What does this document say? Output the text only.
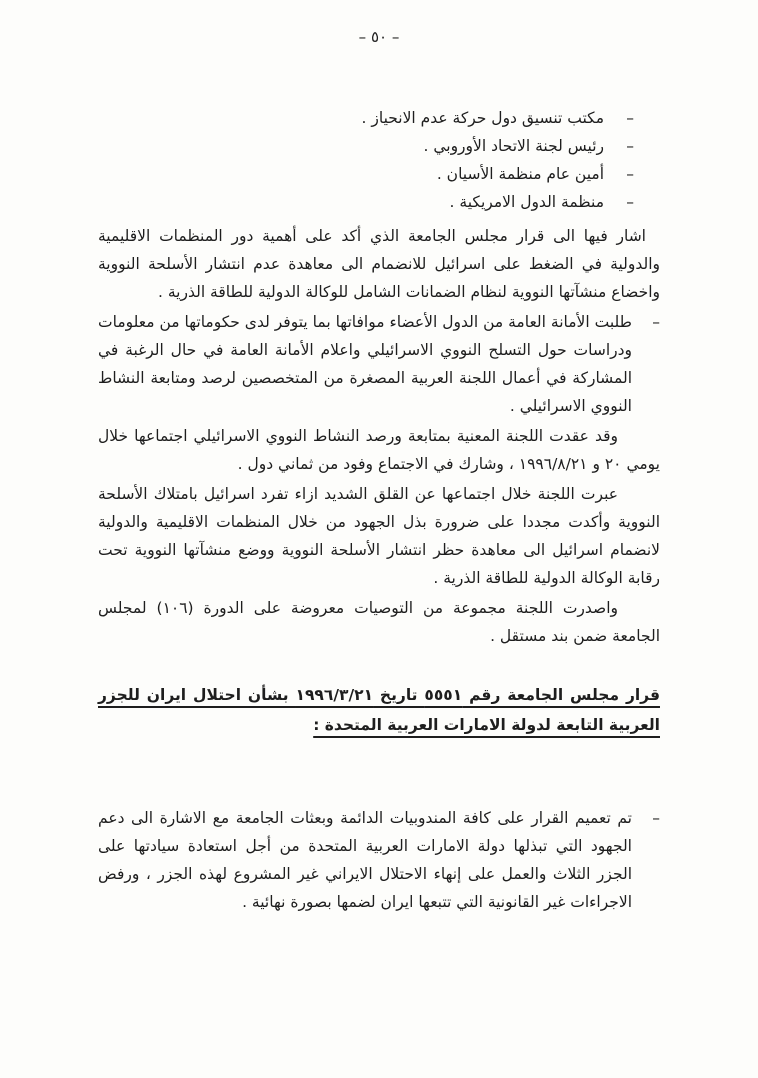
– ٥٠ –
–
مكتب تنسيق دول حركة عدم الانحياز .
–
رئيس لجنة الاتحاد الأوروبي .
–
أمين عام منظمة الأسيان .
–
منظمة الدول الامريكية .

اشار فيها الى قرار مجلس الجامعة الذي أكد على أهمية دور المنظمات الاقليمية والدولية في الضغط على اسرائيل للانضمام الى معاهدة عدم انتشار الأسلحة النووية واخضاع منشآتها النووية لنظام الضمانات الشامل للوكالة الدولية للطاقة الذرية .

–

طلبت الأمانة العامة من الدول الأعضاء موافاتها بما يتوفر لدى حكوماتها من معلومات ودراسات حول التسلح النووي الاسرائيلي واعلام الأمانة العامة في حال الرغبة في المشاركة في أعمال اللجنة العربية المصغرة من المتخصصين لرصد ومتابعة النشاط النووي الاسرائيلي .

وقد عقدت اللجنة المعنية بمتابعة ورصد النشاط النووي الاسرائيلي اجتماعها خلال يومي ٢٠ و ١٩٩٦/٨/٢١ ، وشارك في الاجتماع وفود من ثماني دول .

عبرت اللجنة خلال اجتماعها عن القلق الشديد ازاء تفرد اسرائيل بامتلاك الأسلحة النووية وأكدت مجددا على ضرورة بذل الجهود من خلال المنظمات الاقليمية والدولية لانضمام اسرائيل الى معاهدة حظر انتشار الأسلحة النووية ووضع منشآتها النووية تحت رقابة الوكالة الدولية للطاقة الذرية .

واصدرت اللجنة مجموعة من التوصيات معروضة على الدورة (١٠٦) لمجلس الجامعة ضمن بند مستقل .

قرار مجلس الجامعة رقم ٥٥٥١ تاريخ ١٩٩٦/٣/٢١ بشأن احتلال ايران للجزر العربية التابعة لدولة الامارات العربية المتحدة :
–

تم تعميم القرار على كافة المندوبيات الدائمة وبعثات الجامعة مع الاشارة الى دعم الجهود التي تبذلها دولة الامارات العربية المتحدة من أجل استعادة سيادتها على الجزر الثلاث والعمل على إنهاء الاحتلال الايراني غير المشروع لهذه الجزر ، ورفض الاجراءات غير القانونية التي تتبعها ايران لضمها بصورة نهائية .
